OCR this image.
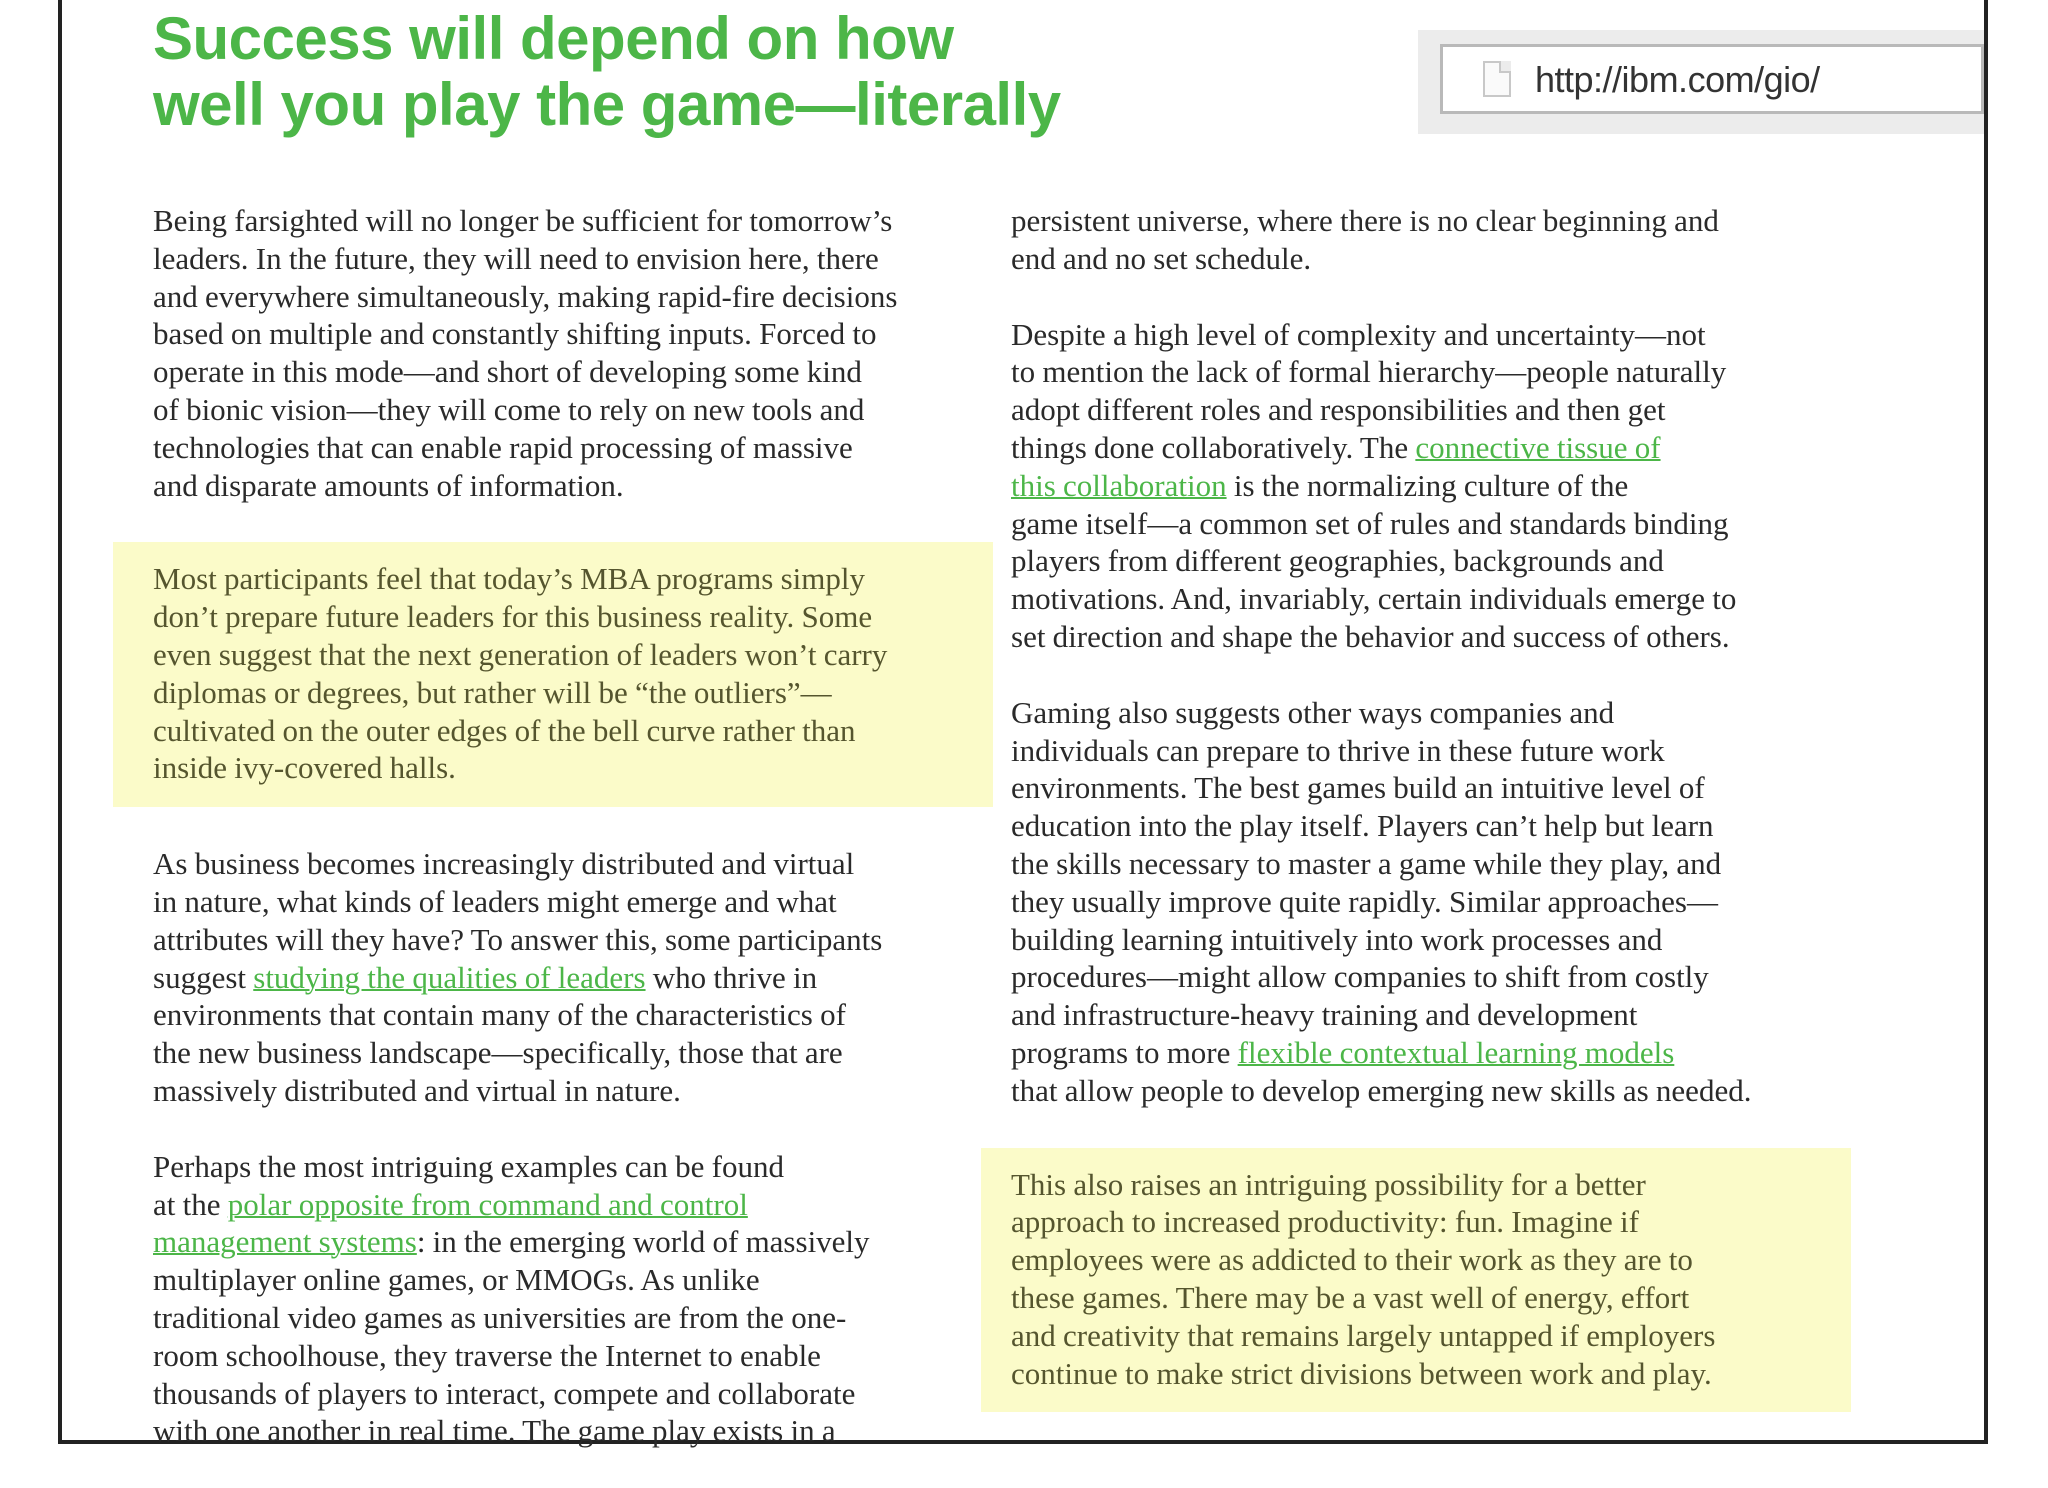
Success will depend on how
well you play the game—literally	http://ibm.com/gio/

Being farsighted will no longer be sufficient for tomorrow’s
leaders. In the future, they will need to envision here, there
and everywhere simultaneously, making rapid-fire decisions
based on multiple and constantly shifting inputs. Forced to
operate in this mode—and short of developing some kind
of bionic vision—they will come to rely on new tools and
technologies that can enable rapid processing of massive
and disparate amounts of information.

Most participants feel that today’s MBA programs simply
don’t prepare future leaders for this business reality. Some
even suggest that the next generation of leaders won’t carry
diplomas or degrees, but rather will be “the outliers”—
cultivated on the outer edges of the bell curve rather than
inside ivy-covered halls.

As business becomes increasingly distributed and virtual
in nature, what kinds of leaders might emerge and what
attributes will they have? To answer this, some participants
suggest studying the qualities of leaders who thrive in
environments that contain many of the characteristics of
the new business landscape—specifically, those that are
massively distributed and virtual in nature.

Perhaps the most intriguing examples can be found
at the polar opposite from command and control
management systems: in the emerging world of massively
multiplayer online games, or MMOGs. As unlike
traditional video games as universities are from the one-
room schoolhouse, they traverse the Internet to enable
thousands of players to interact, compete and collaborate
with one another in real time. The game play exists in a

persistent universe, where there is no clear beginning and
end and no set schedule.

Despite a high level of complexity and uncertainty—not
to mention the lack of formal hierarchy—people naturally
adopt different roles and responsibilities and then get
things done collaboratively. The connective tissue of
this collaboration is the normalizing culture of the
game itself—a common set of rules and standards binding
players from different geographies, backgrounds and
motivations. And, invariably, certain individuals emerge to
set direction and shape the behavior and success of others.

Gaming also suggests other ways companies and
individuals can prepare to thrive in these future work
environments. The best games build an intuitive level of
education into the play itself. Players can’t help but learn
the skills necessary to master a game while they play, and
they usually improve quite rapidly. Similar approaches—
building learning intuitively into work processes and
procedures—might allow companies to shift from costly
and infrastructure-heavy training and development
programs to more flexible contextual learning models
that allow people to develop emerging new skills as needed.

This also raises an intriguing possibility for a better
approach to increased productivity: fun. Imagine if
employees were as addicted to their work as they are to
these games. There may be a vast well of energy, effort
and creativity that remains largely untapped if employers
continue to make strict divisions between work and play.
